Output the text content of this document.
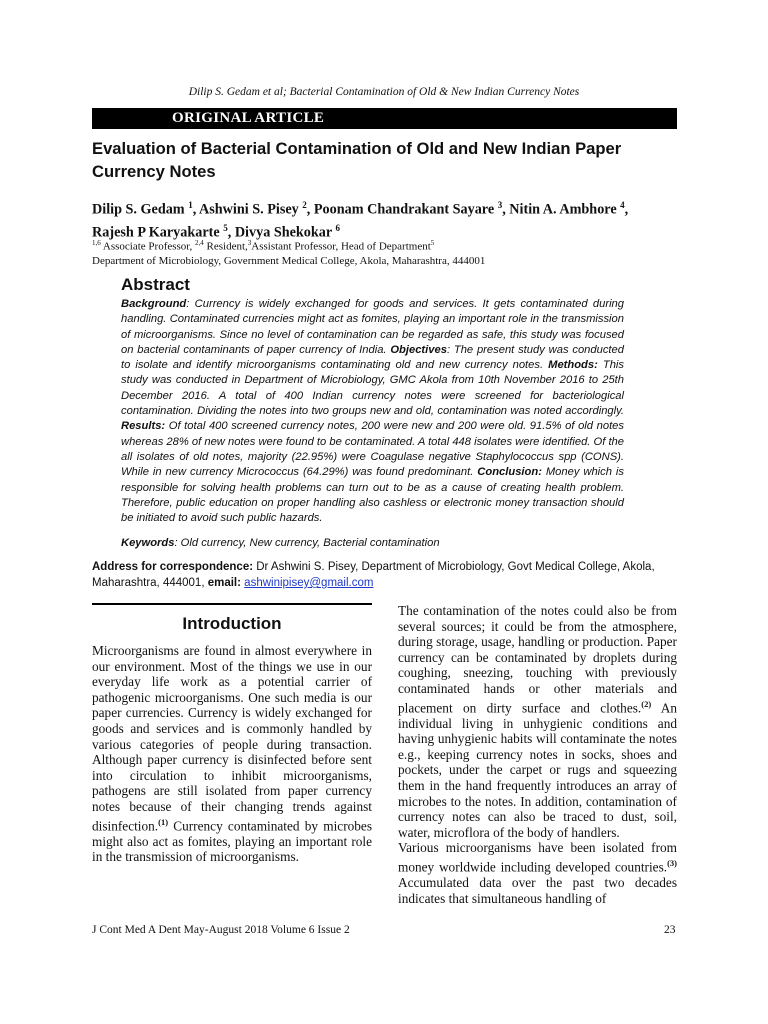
Dilip S. Gedam et al; Bacterial Contamination of Old & New Indian Currency Notes
ORIGINAL ARTICLE
Evaluation of Bacterial Contamination of Old and New Indian Paper Currency Notes

Dilip S. Gedam $^1$, Ashwini S. Pisey $^2$, Poonam Chandrakant Sayare $^3$, Nitin A. Ambhore $^4$,
Rajesh P Karyakarte $^5$, Divya Shekokar $^6$

$^{1,6}$ Associate Professor, $^{2,4}$ Resident,$^3$Assistant Professor, Head of Department$^5$
Department of Microbiology, Government Medical College, Akola, Maharashtra, 444001
Abstract

Background: Currency is widely exchanged for goods and services. It gets contaminated during handling. Contaminated currencies might act as fomites, playing an important role in the transmission of microorganisms. Since no level of contamination can be regarded as safe, this study was focused on bacterial contaminants of paper currency of India. Objectives: The present study was conducted to isolate and identify microorganisms contaminating old and new currency notes. Methods: This study was conducted in Department of Microbiology, GMC Akola from 10th November 2016 to 25th December 2016. A total of 400 Indian currency notes were screened for bacteriological contamination. Dividing the notes into two groups new and old, contamination was noted accordingly. Results: Of total 400 screened currency notes, 200 were new and 200 were old. 91.5% of old notes whereas 28% of new notes were found to be contaminated. A total 448 isolates were identified. Of the all isolates of old notes, majority (22.95%) were Coagulase negative Staphylococcus spp (CONS). While in new currency Micrococcus (64.29%) was found predominant. Conclusion: Money which is responsible for solving health problems can turn out to be as a cause of creating health problem. Therefore, public education on proper handling also cashless or electronic money transaction should be initiated to avoid such public hazards.

Keywords: Old currency, New currency, Bacterial contamination

Address for correspondence: Dr Ashwini S. Pisey, Department of Microbiology, Govt Medical College, Akola, Maharashtra, 444001, email: ashwinipisey@gmail.com

Introduction

Microorganisms are found in almost everywhere in our environment. Most of the things we use in our everyday life work as a potential carrier of pathogenic microorganisms. One such media is our paper currencies. Currency is widely exchanged for goods and services and is commonly handled by various categories of people during transaction. Although paper currency is disinfected before sent into circulation to inhibit microorganisms, pathogens are still isolated from paper currency notes because of their changing trends against disinfection.$^{(1)}$ Currency contaminated by microbes might also act as fomites, playing an important role in the transmission of microorganisms.

The contamination of the notes could also be from several sources; it could be from the atmosphere, during storage, usage, handling or production. Paper currency can be contaminated by droplets during coughing, sneezing, touching with previously contaminated hands or other materials and placement on dirty surface and clothes.$^{(2)}$ An individual living in unhygienic conditions and having unhygienic habits will contaminate the notes e.g., keeping currency notes in socks, shoes and pockets, under the carpet or rugs and squeezing them in the hand frequently introduces an array of microbes to the notes. In addition, contamination of currency notes can also be traced to dust, soil, water, microflora of the body of handlers.

Various microorganisms have been isolated from money worldwide including developed countries.$^{(3)}$ Accumulated data over the past two decades indicates that simultaneous handling of

J Cont Med A Dent May-August 2018 Volume 6 Issue 2	23
